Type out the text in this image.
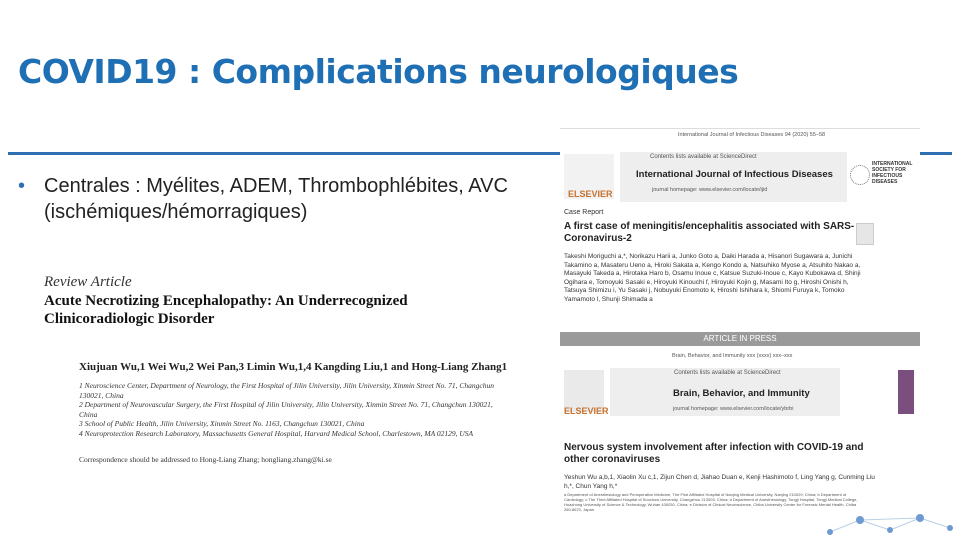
COVID19 : Complications neurologiques
• Centrales : Myélites, ADEM, Thrombophlébites, AVC (ischémiques/hémorragiques)
Review Article
Acute Necrotizing Encephalopathy: An Underrecognized Clinicoradiologic Disorder
Xiujuan Wu,1 Wei Wu,2 Wei Pan,3 Limin Wu,1,4 Kangding Liu,1 and Hong-Liang Zhang1
1 Neuroscience Center, Department of Neurology, the First Hospital of Jilin University, Jilin University, Xinmin Street No. 71, Changchun 130021, China
2 Department of Neurovascular Surgery, the First Hospital of Jilin University, Jilin University, Xinmin Street No. 71, Changchun 130021, China
3 School of Public Health, Jilin University, Xinmin Street No. 1163, Changchun 130021, China
4 Neuroprotection Research Laboratory, Massachusetts General Hospital, Harvard Medical School, Charlestown, MA 02129, USA
Correspondence should be addressed to Hong-Liang Zhang; hongliang.zhang@ki.se
International Journal of Infectious Diseases 94 (2020) 55–58
ELSEVIER
Contents lists available at ScienceDirect
International Journal of Infectious Diseases
journal homepage: www.elsevier.com/locate/ijid
INTERNATIONAL SOCIETY FOR INFECTIOUS DISEASES
Case Report
A first case of meningitis/encephalitis associated with SARS-Coronavirus-2
Takeshi Moriguchi a,*, Norikazu Harii a, Junko Goto a, Daiki Harada a, Hisanori Sugawara a, Junichi Takamino a, Masateru Ueno a, Hiroki Sakata a, Kengo Kondo a, Natsuhiko Myose a, Atsuhito Nakao a, Masayuki Takeda a, Hirotaka Haro b, Osamu Inoue c, Katsue Suzuki-Inoue c, Kayo Kubokawa d, Shinji Ogihara e, Tomoyuki Sasaki e, Hiroyuki Kinouchi f, Hiroyuki Kojin g, Masami Ito g, Hiroshi Onishi h, Tatsuya Shimizu i, Yu Sasaki j, Nobuyuki Enomoto k, Hiroshi Ishihara k, Shiomi Furuya k, Tomoko Yamamoto l, Shunji Shimada a
ARTICLE IN PRESS
Brain, Behavior, and Immunity xxx (xxxx) xxx–xxx
ELSEVIER
Contents lists available at ScienceDirect
Brain, Behavior, and Immunity
journal homepage: www.elsevier.com/locate/ybrbi
Nervous system involvement after infection with COVID-19 and other coronaviruses
Yeshun Wu a,b,1, Xiaolin Xu c,1, Zijun Chen d, Jiahao Duan e, Kenji Hashimoto f, Ling Yang g, Cunming Liu h,*, Chun Yang h,*
a Department of Anesthesiology and Perioperative Medicine, The First Affiliated Hospital of Nanjing Medical University, Nanjing 210029, China; b Department of Cardiology; c The Third Affiliated Hospital of Soochow University, Changzhou 213003, China; d Department of Anesthesiology, Tongji Hospital, Tongji Medical College, Huazhong University of Science & Technology, Wuhan 430030, China; e Division of Clinical Neuroscience, Chiba University Center for Forensic Mental Health, Chiba 260-8670, Japan
